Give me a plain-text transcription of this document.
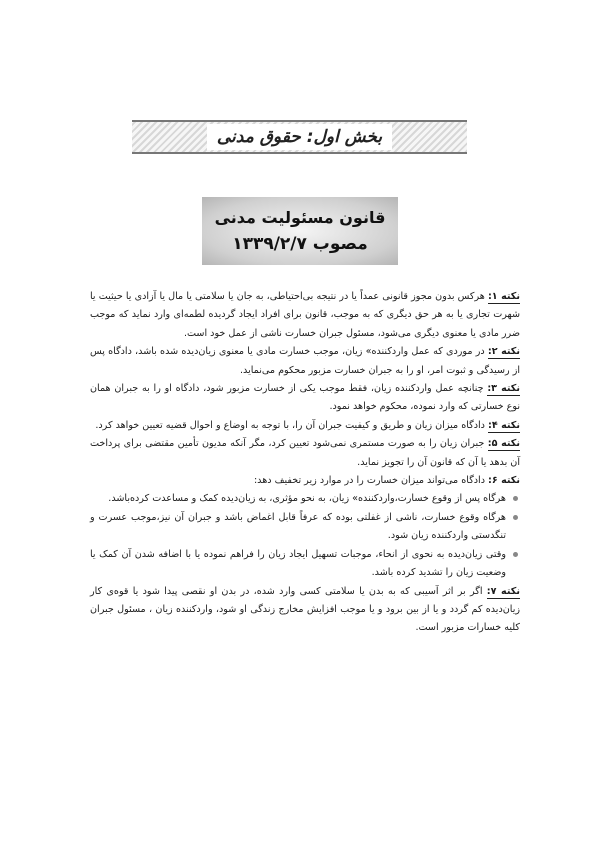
بخش اول: حقوق مدنی
قانون مسئولیت مدنی
مصوب ۱۳۳۹/۲/۷

نکته ۱: هرکس بدون مجوز قانونی عمداً یا در نتیجه بی‌احتیاطی، به جان یا سلامتی یا مال یا آزادی یا حیثیت یا شهرت تجاری یا به هر حق دیگری که به موجب، قانون برای افراد ایجاد گردیده لطمه‌ای وارد نماید که موجب ضرر مادی یا معنوی دیگری می‌شود، مسئول جبران خسارت ناشی از عمل خود است.

نکته ۲: در موردی که عمل واردکننده» زیان، موجب خسارت مادی یا معنوی زیان‌دیده شده باشد، دادگاه پس از رسیدگی و ثبوت امر، او را به جبران خسارت مزبور محکوم می‌نماید.

نکته ۳: چنانچه عمل واردکننده زیان، فقط موجب یکی از خسارت مزبور شود، دادگاه او را به جبران همان نوع خسارتی که وارد نموده، محکوم خواهد نمود.

نکته ۴: دادگاه میزان زیان و طریق و کیفیت جبران آن را، با توجه به اوضاع و احوال قضیه تعیین خواهد کرد.

نکته ۵: جبران زیان را به صورت مستمری نمی‌شود تعیین کرد، مگر آنکه مدیون تأمین مقتضی برای پرداخت آن بدهد یا آن که قانون آن را تجویز نماید.

نکته ۶: دادگاه می‌تواند میزان خسارت را در موارد زیر تخفیف دهد:

هرگاه پس از وقوع خسارت،واردکننده» زیان، به نحو مؤثری، به زیان‌دیده کمک و مساعدت کرده‌باشد.
هرگاه وقوع خسارت، ناشی از غفلتی بوده که عرفاً قابل اغماض باشد و جبران آن نیز،موجب عسرت و تنگدستی واردکننده زیان شود.
وقتی زیان‌دیده به نحوی از انحاء، موجبات تسهیل ایجاد زیان را فراهم نموده یا با اضافه شدن آن کمک یا وضعیت زیان را تشدید کرده باشد.

نکته ۷: اگر بر اثر آسیبی که به بدن یا سلامتی کسی وارد شده، در بدن او نقصی پیدا شود یا قوه‌ی کار زیان‌دیده کم گردد و یا از بین برود و یا موجب افزایش مخارج زندگی او شود، واردکننده زیان ، مسئول جبران کلیه خسارات مزبور است.
